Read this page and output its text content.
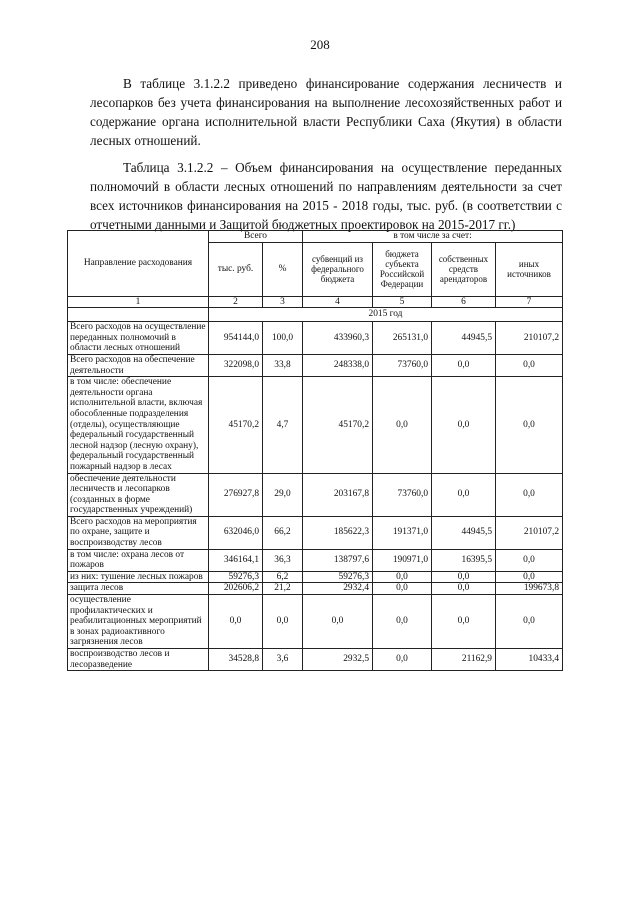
208

В таблице 3.1.2.2 приведено финансирование содержания лесничеств и лесопарков без учета финансирования на выполнение лесохозяйственных работ и содержание органа исполнительной власти Республики Саха (Якутия) в области лесных отношений.

Таблица 3.1.2.2 – Объем финансирования на осуществление переданных полномочий в области лесных отношений по направлениям деятельности за счет всех источников финансирования на 2015 - 2018 годы, тыс. руб. (в соответствии с отчетными данными и Защитой бюджетных проектировок на 2015-2017 гг.)

Направление расходования	Всего		в том числе за счет:			
	тыс. руб.	%	субвенций из федерального бюджета	бюджета субъекта Российской Федерации	собственных средств арендаторов	иных источников
1	2	3	4	5	6	7
	2015 год					
Всего расходов на осуществление переданных полномочий в области лесных отношений	954144,0	100,0	433960,3	265131,0	44945,5	210107,2
Всего расходов на обеспечение деятельности	322098,0	33,8	248338,0	73760,0	0,0	0,0
в том числе: обеспечение деятельности органа исполнительной власти, включая обособленные подразделения (отделы), осуществляющие федеральный государственный лесной надзор (лесную охрану), федеральный государственный пожарный надзор в лесах	45170,2	4,7	45170,2	0,0	0,0	0,0
обеспечение деятельности лесничеств и лесопарков (созданных в форме государственных учреждений)	276927,8	29,0	203167,8	73760,0	0,0	0,0
Всего расходов на мероприятия по охране, защите и воспроизводству лесов	632046,0	66,2	185622,3	191371,0	44945,5	210107,2
в том числе: охрана лесов от пожаров	346164,1	36,3	138797,6	190971,0	16395,5	0,0
из них: тушение лесных пожаров	59276,3	6,2	59276,3	0,0	0,0	0,0
защита лесов	202606,2	21,2	2932,4	0,0	0,0	199673,8
осуществление профилактических и реабилитационных мероприятий в зонах радиоактивного загрязнения лесов	0,0	0,0	0,0	0,0	0,0	0,0
воспроизводство лесов и лесоразведение	34528,8	3,6	2932,5	0,0	21162,9	10433,4
